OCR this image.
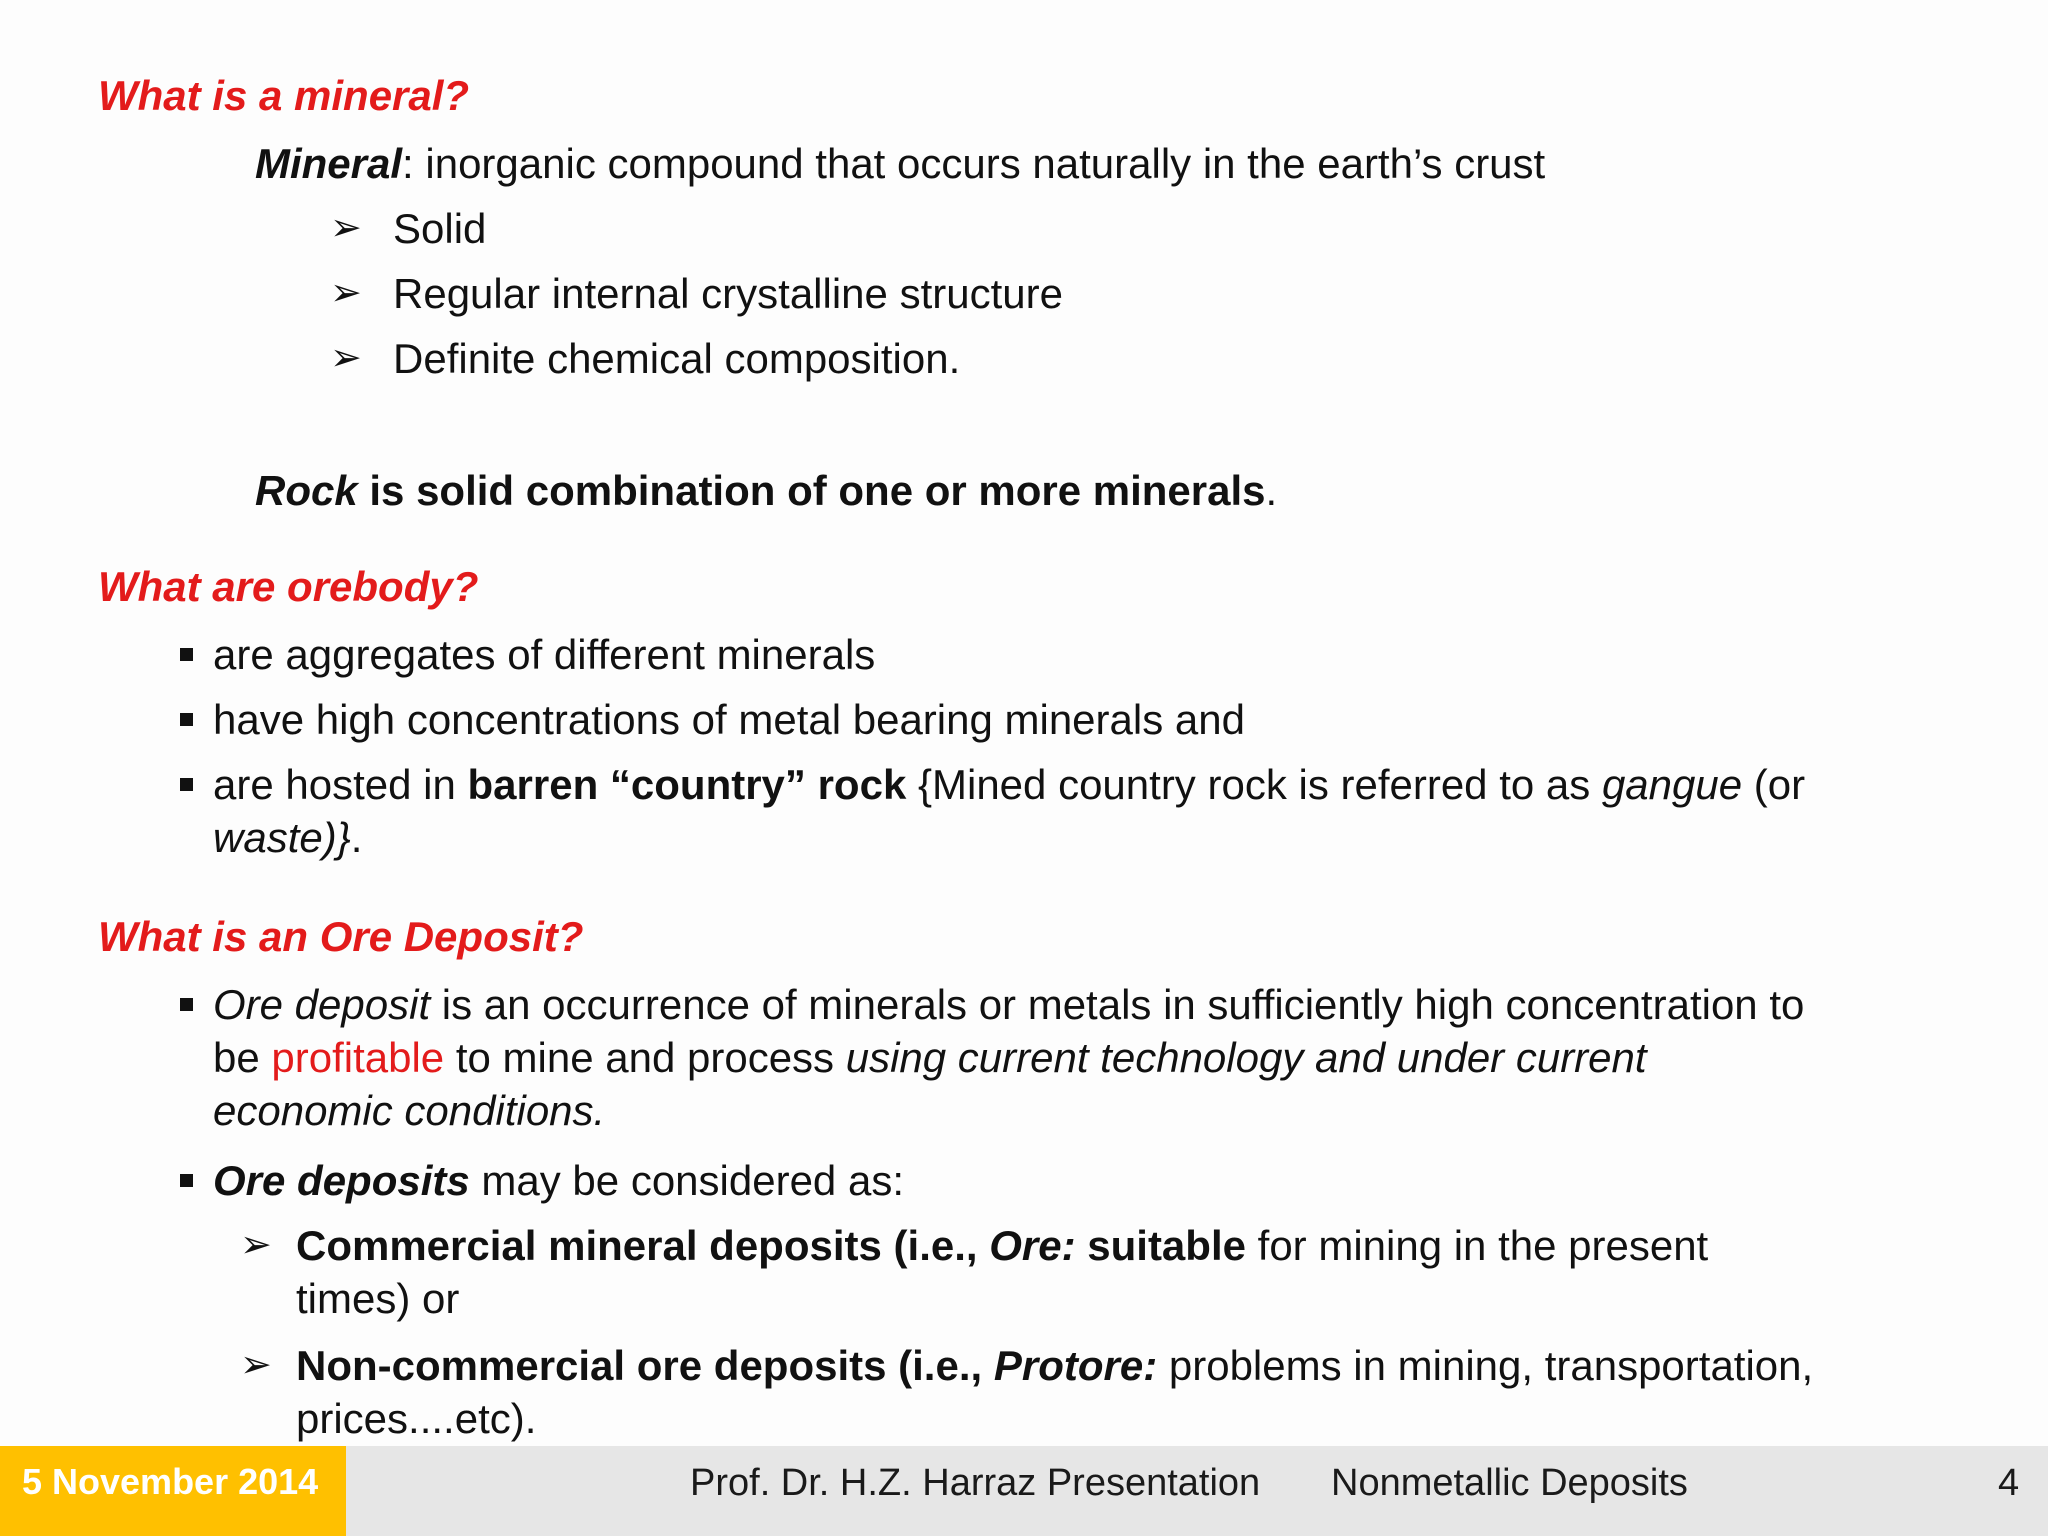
What is a mineral?
Mineral: inorganic compound that occurs naturally in the earth’s crust
➢ Solid
➢ Regular internal crystalline structure
➢ Definite chemical composition.
Rock is solid combination of one or more minerals.
What are orebody?
are aggregates of different minerals
have high concentrations of metal bearing minerals and
are hosted in barren “country” rock {Mined country rock is referred to as gangue (or
waste)}.
What is an Ore Deposit?
Ore deposit is an occurrence of minerals or metals in sufficiently high concentration to
be profitable to mine and process using current technology and under current
economic conditions.
Ore deposits may be considered as:
➢ Commercial mineral deposits (i.e., Ore: suitable for mining in the present
times) or
➢ Non-commercial ore deposits (i.e., Protore: problems in mining, transportation,
prices....etc).
5 November 2014	Prof. Dr. H.Z. Harraz Presentation Nonmetallic Deposits	4
